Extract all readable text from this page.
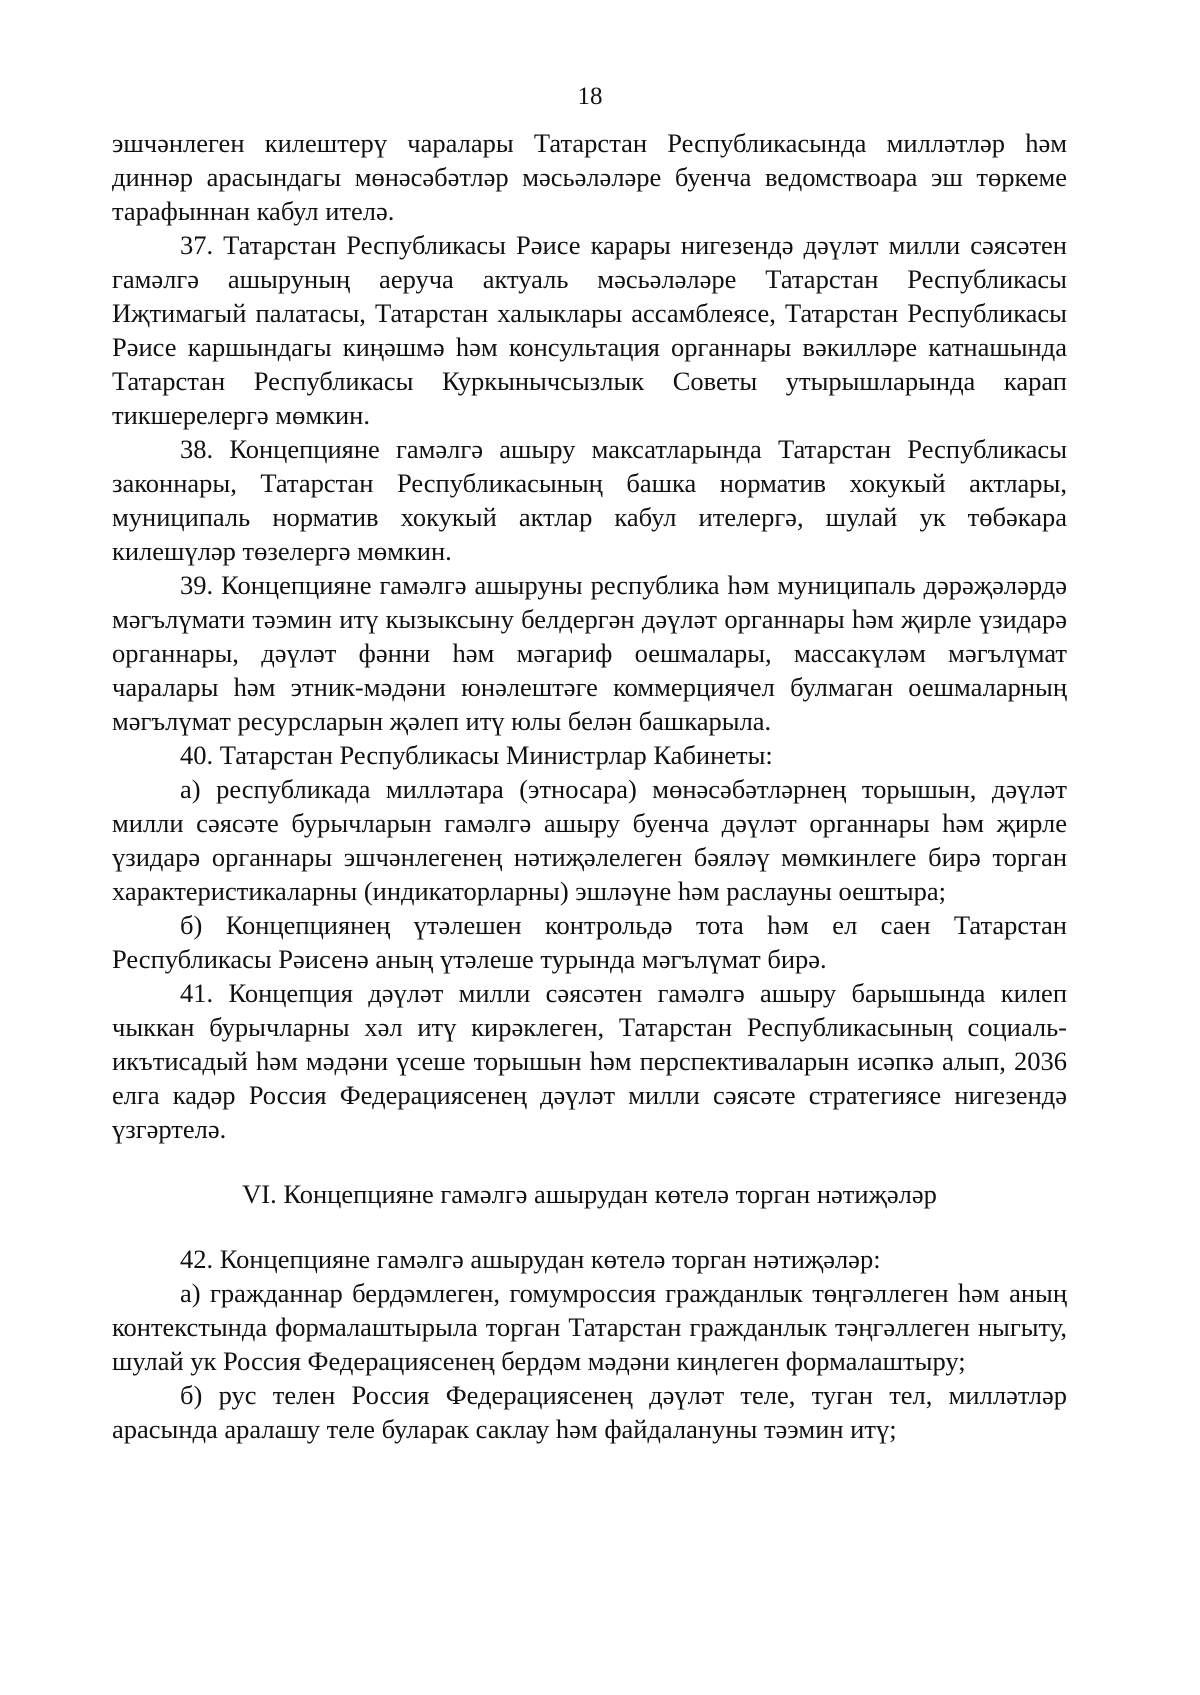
18

эшчәнлеген килештерү чаралары Татарстан Республикасында милләтләр һәм диннәр арасындагы мөнәсәбәтләр мәсьәләләре буенча ведомствоара эш төркеме тарафыннан кабул ителә.

37. Татарстан Республикасы Рәисе карары нигезендә дәүләт милли сәясәтен гамәлгә ашыруның аеруча актуаль мәсьәләләре Татарстан Республикасы Иҗтимагый палатасы, Татарстан халыклары ассамблеясе, Татарстан Республикасы Рәисе каршындагы киңәшмә һәм консультация органнары вәкилләре катнашында Татарстан Республикасы Куркынычсызлык Советы утырышларында карап тикшерелергә мөмкин.

38. Концепцияне гамәлгә ашыру максатларында Татарстан Республикасы законнары, Татарстан Республикасының башка норматив хокукый актлары, муниципаль норматив хокукый актлар кабул ителергә, шулай ук төбәкара килешүләр төзелергә мөмкин.

39. Концепцияне гамәлгә ашыруны республика һәм муниципаль дәрәҗәләрдә мәгълүмати тәэмин итү кызыксыну белдергән дәүләт органнары һәм җирле үзидарә органнары, дәүләт фәнни һәм мәгариф оешмалары, массакүләм мәгълүмат чаралары һәм этник-мәдәни юнәлештәге коммерциячел булмаган оешмаларның мәгълүмат ресурсларын җәлеп итү юлы белән башкарыла.

40. Татарстан Республикасы Министрлар Кабинеты:

а) республикада милләтара (этносара) мөнәсәбәтләрнең торышын, дәүләт милли сәясәте бурычларын гамәлгә ашыру буенча дәүләт органнары һәм җирле үзидарә органнары эшчәнлегенең нәтиҗәлелеген бәяләү мөмкинлеге бирә торган характеристикаларны (индикаторларны) эшләүне һәм раслауны оештыра;

б) Концепциянең үтәлешен контрольдә тота һәм ел саен Татарстан Республикасы Рәисенә аның үтәлеше турында мәгълүмат бирә.

41. Концепция дәүләт милли сәясәтен гамәлгә ашыру барышында килеп чыккан бурычларны хәл итү кирәклеген, Татарстан Республикасының социаль-икътисадый һәм мәдәни үсеше торышын һәм перспективаларын исәпкә алып, 2036 елга кадәр Россия Федерациясенең дәүләт милли сәясәте стратегиясе нигезендә үзгәртелә.

VI. Концепцияне гамәлгә ашырудан көтелә торган нәтиҗәләр

42. Концепцияне гамәлгә ашырудан көтелә торган нәтиҗәләр:

а) гражданнар бердәмлеген, гомумроссия гражданлык төңгәллеген һәм аның контекстында формалаштырыла торган Татарстан гражданлык тәңгәллеген ныгыту, шулай ук Россия Федерациясенең бердәм мәдәни киңлеген формалаштыру;

б) рус телен Россия Федерациясенең дәүләт теле, туган тел, милләтләр арасында аралашу теле буларак саклау һәм файдалануны тәэмин итү;
